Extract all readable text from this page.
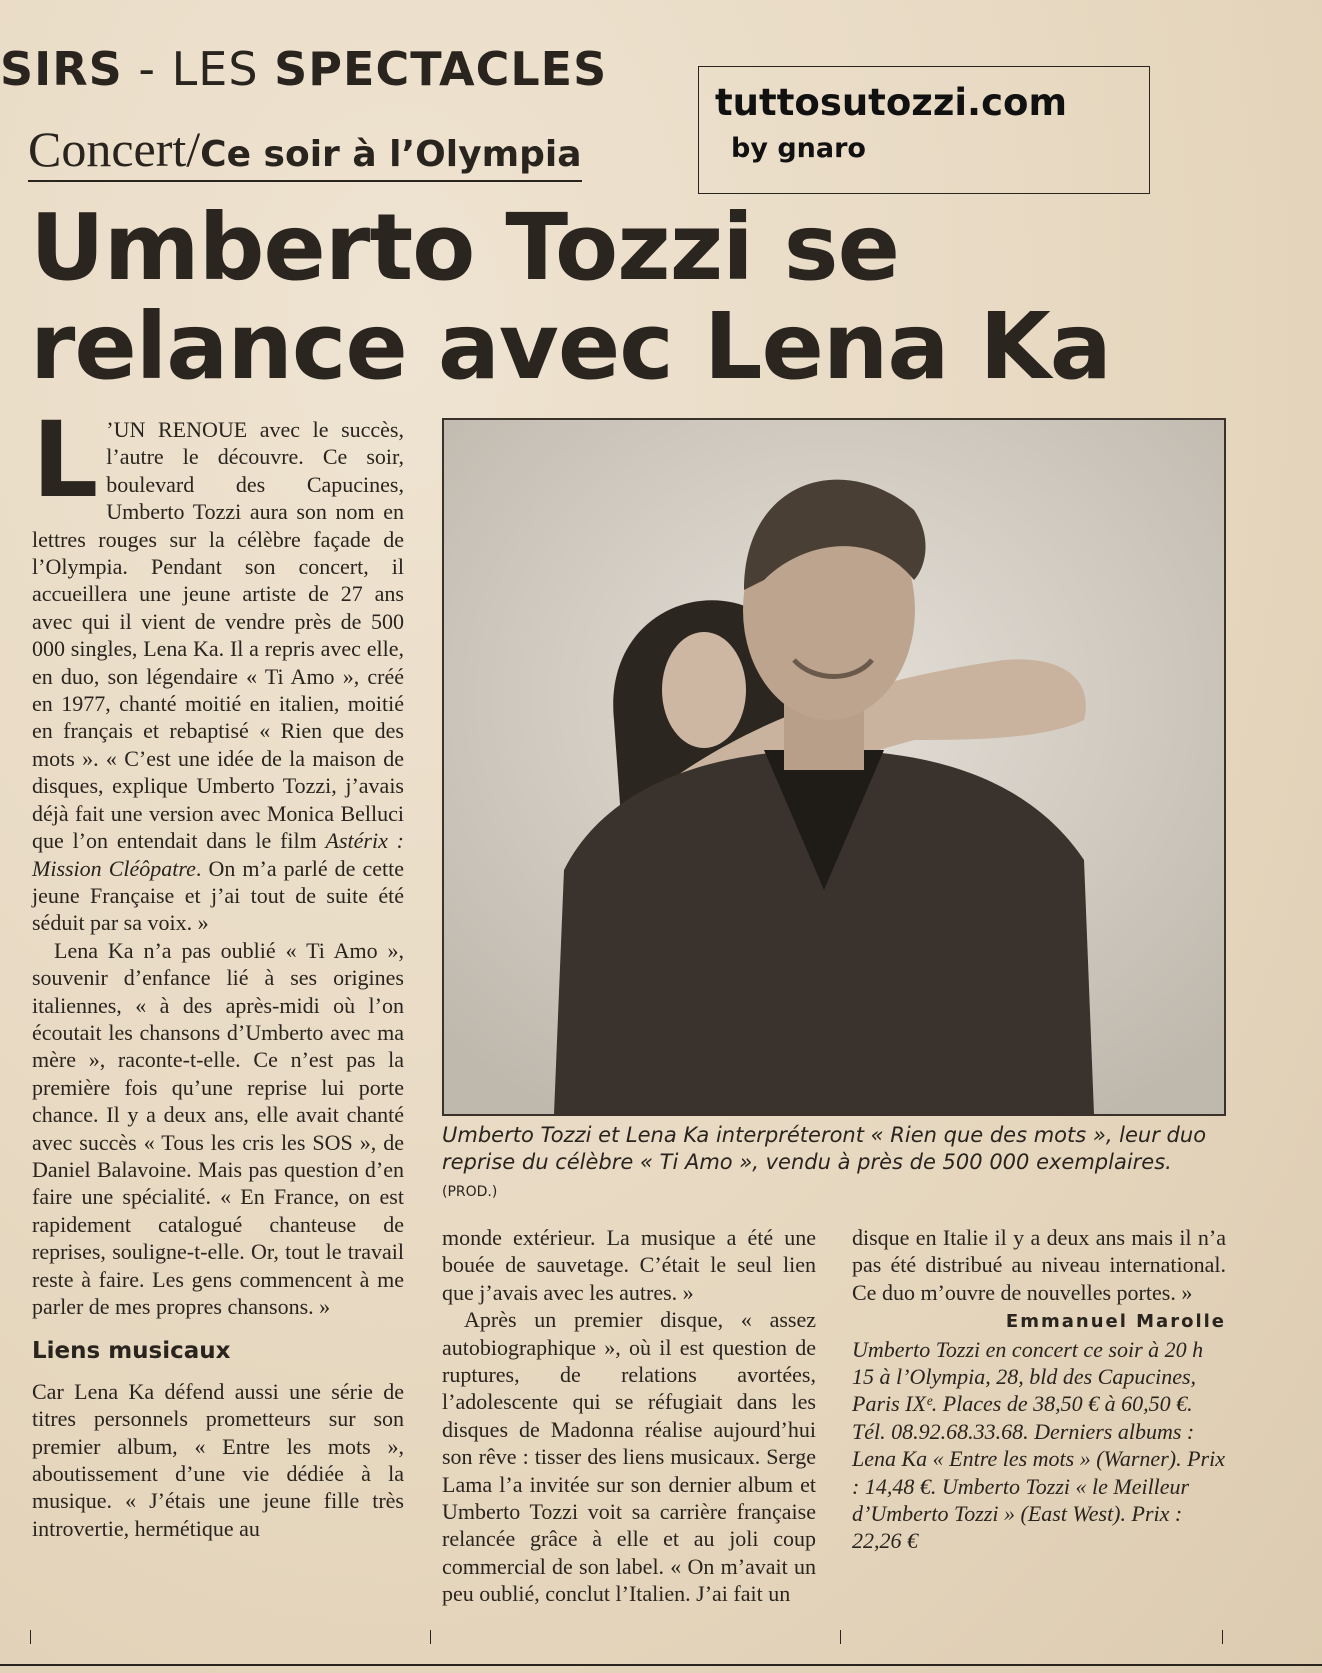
SIRS - LES SPECTACLES
Concert/Ce soir à l’Olympia
tuttosutozzi.com
by gnaro
Umberto Tozzi se relance avec Lena Ka

L ’UN RENOUE avec le succès, l’autre le découvre. Ce soir, boulevard des Capucines, Umberto Tozzi aura son nom en lettres rouges sur la célèbre façade de l’Olympia. Pendant son concert, il accueillera une jeune artiste de 27 ans avec qui il vient de vendre près de 500 000 singles, Lena Ka. Il a repris avec elle, en duo, son légendaire « Ti Amo », créé en 1977, chanté moitié en italien, moitié en français et rebaptisé « Rien que des mots ». « C’est une idée de la maison de disques, explique Umberto Tozzi, j’avais déjà fait une version avec Monica Belluci que l’on entendait dans le film Astérix : Mission Cléôpatre. On m’a parlé de cette jeune Française et j’ai tout de suite été séduit par sa voix. »

Lena Ka n’a pas oublié « Ti Amo », souvenir d’enfance lié à ses origines italiennes, « à des après-midi où l’on écoutait les chansons d’Umberto avec ma mère », raconte-t-elle. Ce n’est pas la première fois qu’une reprise lui porte chance. Il y a deux ans, elle avait chanté avec succès « Tous les cris les SOS », de Daniel Balavoine. Mais pas question d’en faire une spécialité. « En France, on est rapidement catalogué chanteuse de reprises, souligne-t-elle. Or, tout le travail reste à faire. Les gens commencent à me parler de mes propres chansons. »

Liens musicaux

Car Lena Ka défend aussi une série de titres personnels prometteurs sur son premier album, « Entre les mots », aboutissement d’une vie dédiée à la musique. « J’étais une jeune fille très introvertie, hermétique au

Umberto Tozzi et Lena Ka interpréteront « Rien que des mots », leur duo reprise du célèbre « Ti Amo », vendu à près de 500 000 exemplaires. (PROD.)

monde extérieur. La musique a été une bouée de sauvetage. C’était le seul lien que j’avais avec les autres. »

Après un premier disque, « assez autobiographique », où il est question de ruptures, de relations avortées, l’adolescente qui se réfugiait dans les disques de Madonna réalise aujourd’hui son rêve : tisser des liens musicaux. Serge Lama l’a invitée sur son dernier album et Umberto Tozzi voit sa carrière française relancée grâce à elle et au joli coup commercial de son label. « On m’avait un peu oublié, conclut l’Italien. J’ai fait un

disque en Italie il y a deux ans mais il n’a pas été distribué au niveau international. Ce duo m’ouvre de nouvelles portes. »

Emmanuel Marolle

Umberto Tozzi en concert ce soir à 20 h 15 à l’Olympia, 28, bld des Capucines, Paris IXᵉ. Places de 38,50 € à 60,50 €. Tél. 08.92.68.33.68. Derniers albums : Lena Ka « Entre les mots » (Warner). Prix : 14,48 €. Umberto Tozzi « le Meilleur d’Umberto Tozzi » (East West). Prix : 22,26 €
